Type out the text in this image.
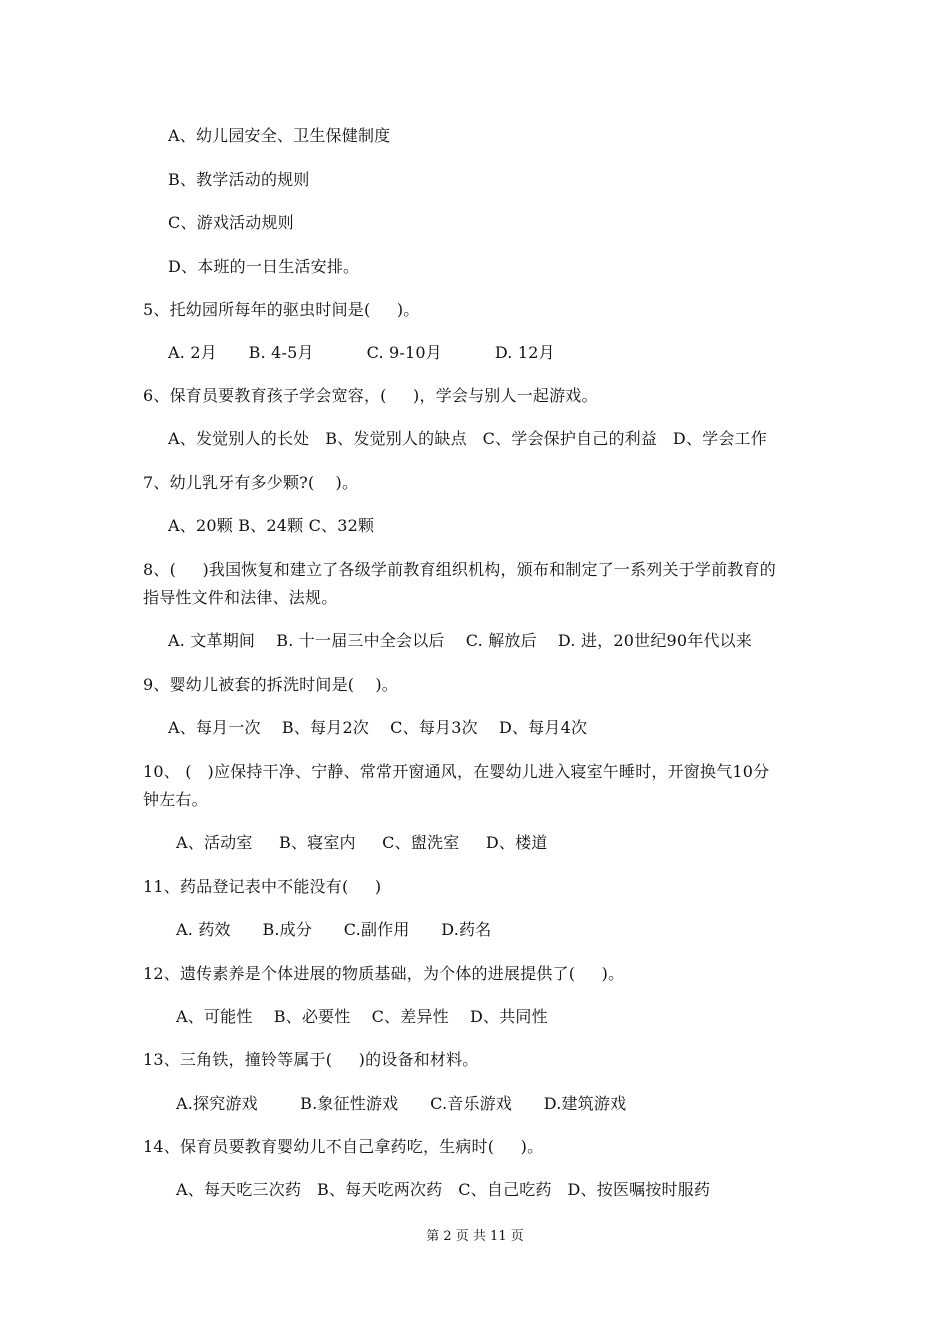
A、幼儿园安全、卫生保健制度
B、教学活动的规则
C、游戏活动规则
D、本班的一日生活安排。
5、托幼园所每年的驱虫时间是(     )。
A. 2月      B. 4-5月          C. 9-10月          D. 12月
6、保育员要教育孩子学会宽容，(     )，学会与别人一起游戏。
A、发觉别人的长处   B、发觉别人的缺点   C、学会保护自己的利益   D、学会工作
7、幼儿乳牙有多少颗?(    )。
A、20颗 B、24颗 C、32颗
8、(     )我国恢复和建立了各级学前教育组织机构，颁布和制定了一系列关于学前教育的
指导性文件和法律、法规。
A. 文革期间    B. 十一届三中全会以后    C. 解放后    D. 进，20世纪90年代以来
9、婴幼儿被套的拆洗时间是(    )。
A、每月一次    B、每月2次    C、每月3次    D、每月4次
10、 (   )应保持干净、宁静、常常开窗通风，在婴幼儿进入寝室午睡时，开窗换气10分
钟左右。
A、活动室     B、寝室内     C、盥洗室     D、楼道
11、药品登记表中不能没有(     )
A. 药效      B.成分      C.副作用      D.药名
12、遗传素养是个体进展的物质基础，为个体的进展提供了(     )。
A、可能性    B、必要性    C、差异性    D、共同性
13、三角铁，撞铃等属于(     )的设备和材料。
A.探究游戏        B.象征性游戏      C.音乐游戏      D.建筑游戏
14、保育员要教育婴幼儿不自己拿药吃，生病时(     )。
A、每天吃三次药   B、每天吃两次药   C、自己吃药   D、按医嘱按时服药
第 2 页 共 11 页
